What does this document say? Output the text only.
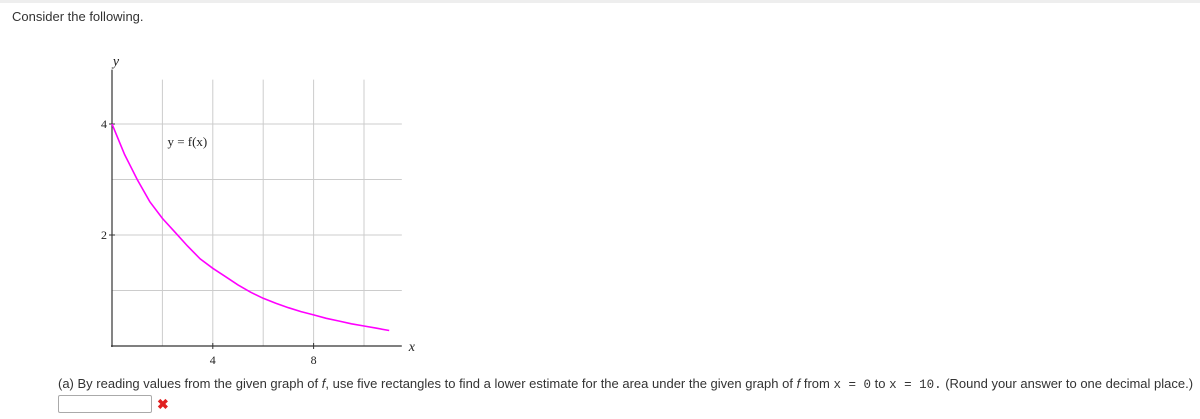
Consider the following.
4	8
2
4
y
x
y = f(x)
(a) By reading values from the given graph of f, use five rectangles to find a lower estimate for the area under the given graph of f from x = 0 to x = 10. (Round your answer to one decimal place.)
✖
